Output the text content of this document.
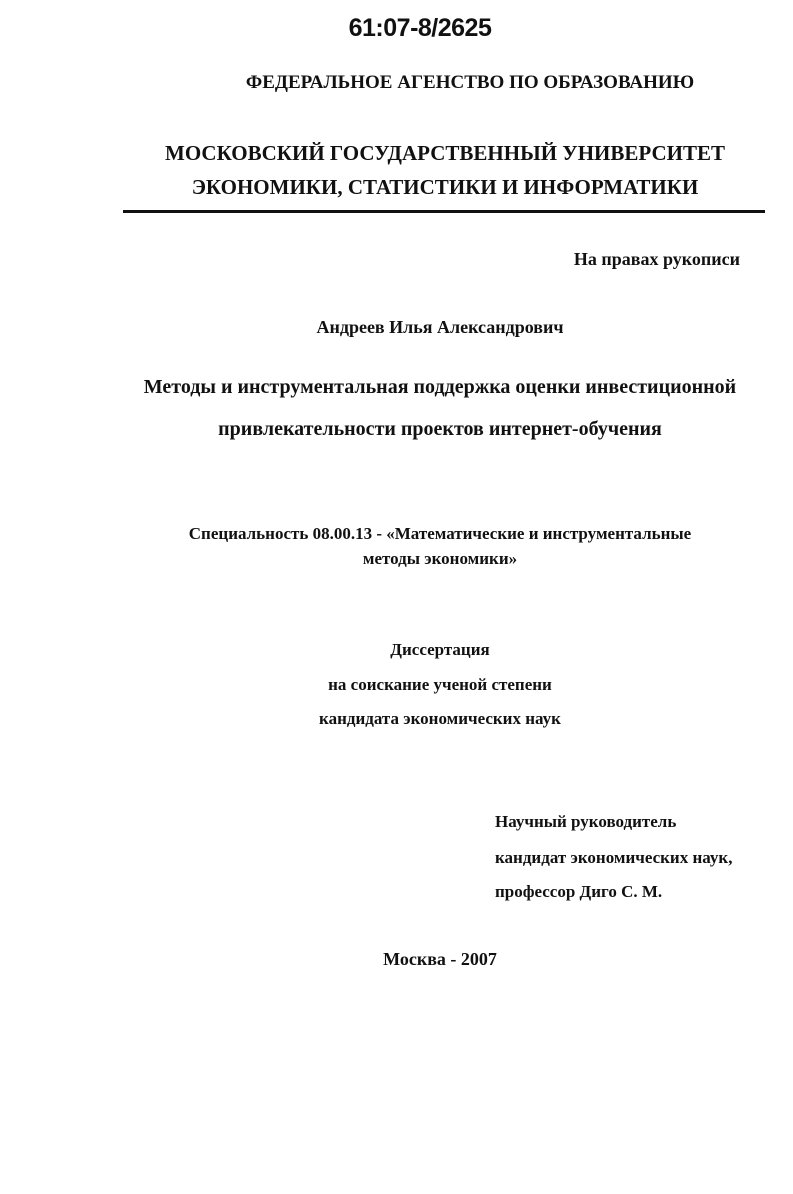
61:07-8/2625
ФЕДЕРАЛЬНОЕ АГЕНСТВО ПО ОБРАЗОВАНИЮ
МОСКОВСКИЙ ГОСУДАРСТВЕННЫЙ УНИВЕРСИТЕТ
ЭКОНОМИКИ, СТАТИСТИКИ И ИНФОРМАТИКИ
На правах рукописи
Андреев Илья Александрович
Методы и инструментальная поддержка оценки инвестиционной
привлекательности проектов интернет-обучения
Специальность 08.00.13 - «Математические и инструментальные
методы экономики»
Диссертация
на соискание ученой степени
кандидата экономических наук
Научный руководитель
кандидат экономических наук,
профессор Диго С. М.
Москва - 2007
